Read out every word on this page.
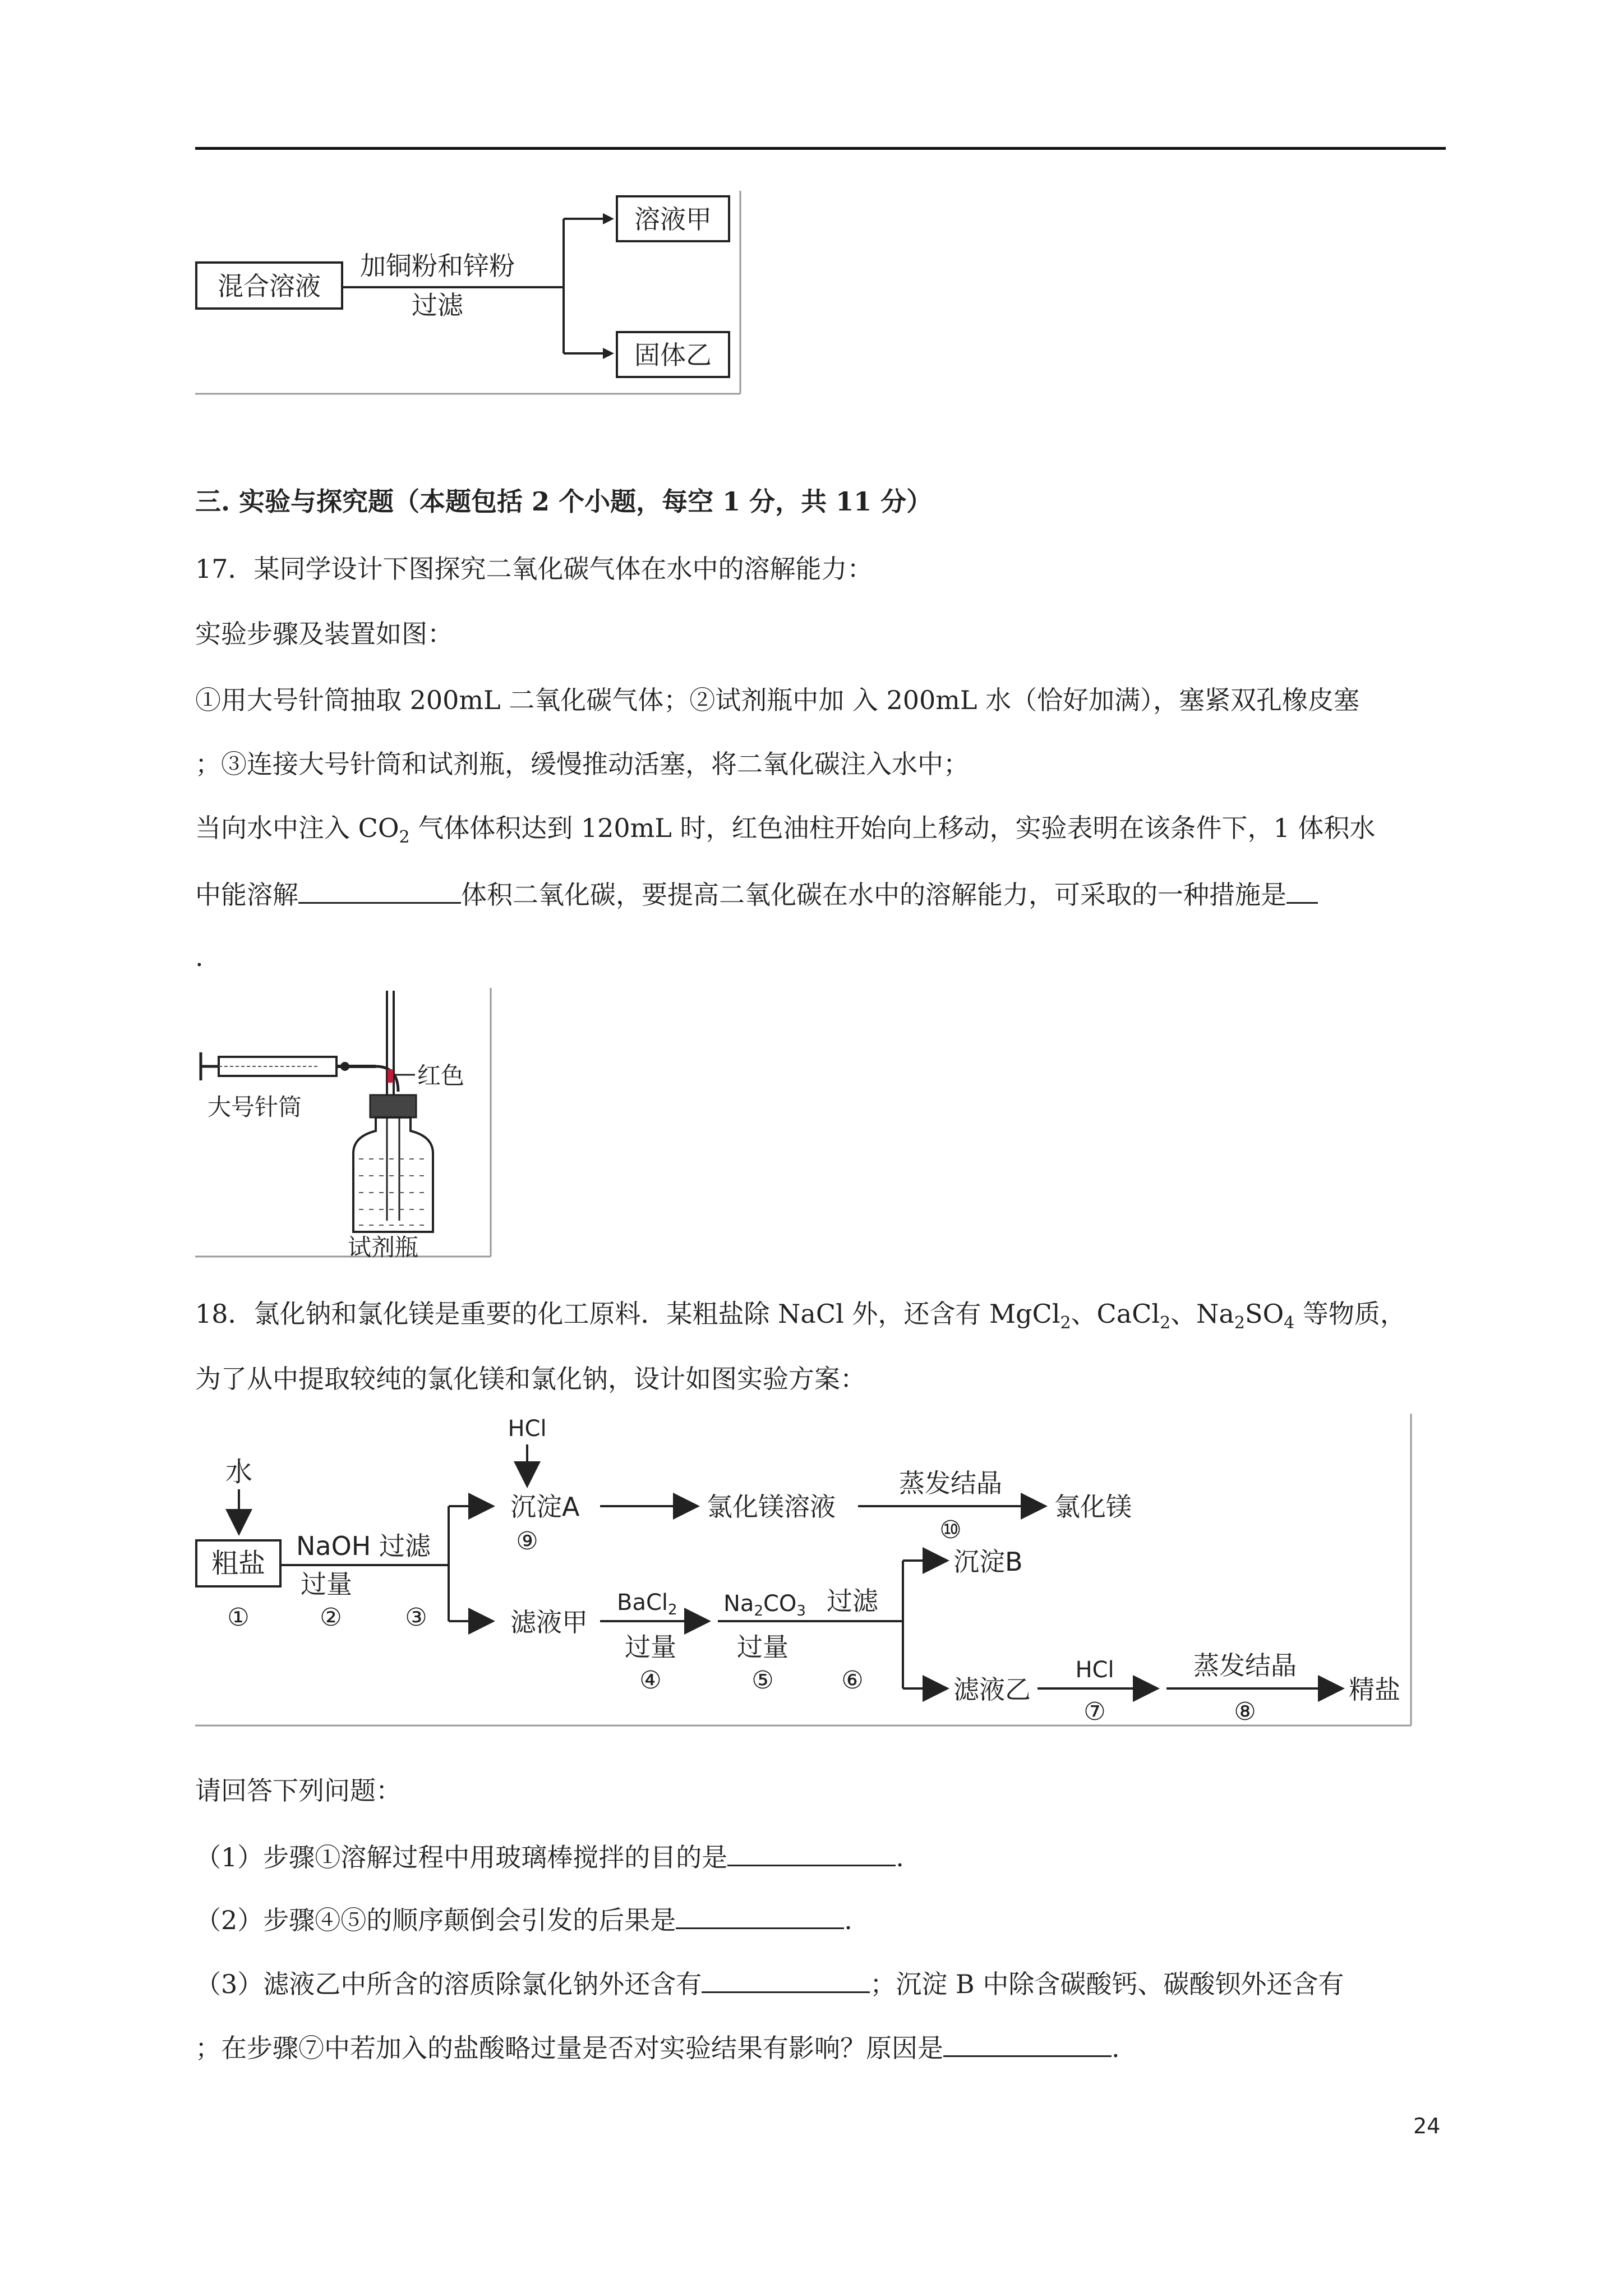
混合溶液
加铜粉和锌粉
过滤
溶液甲
固体乙
三. 实验与探究题（本题包括 2 个小题，每空 1 分，共 11 分）
17．某同学设计下图探究二氧化碳气体在水中的溶解能力：
实验步骤及装置如图：
①用大号针筒抽取 200mL 二氧化碳气体；②试剂瓶中加 入 200mL 水（恰好加满），塞紧双孔橡皮塞
；③连接大号针筒和试剂瓶，缓慢推动活塞，将二氧化碳注入水中；
当向水中注入 $CO_2$ 气体体积达到 120mL 时，红色油柱开始向上移动，实验表明在该条件下，1 体积水
中能溶解	体积二氧化碳，要提高二氧化碳在水中的溶解能力，可采取的一种措施是
.
红色
大号针筒
试剂瓶
18．氯化钠和氯化镁是重要的化工原料．某粗盐除 NaCl 外，还含有 MgCl$_2$、CaCl$_2$、$Na_2SO_4$ 等物质，
为了从中提取较纯的氯化镁和氯化钠，设计如图实验方案：
水
粗盐
①
NaOH 过滤
过量
②	③
HCl
沉淀A
⑨
氯化镁溶液
蒸发结晶
⑩
氯化镁
滤液甲
BaCl$_2$
过量
④
$Na_2CO_3$ 过滤
过量
⑤	⑥
沉淀B
滤液乙
HCl
⑦
蒸发结晶
⑧
精盐
请回答下列问题：
（1）步骤①溶解过程中用玻璃棒搅拌的目的是	.
（2）步骤④⑤的顺序颠倒会引发的后果是	.
（3）滤液乙中所含的溶质除氯化钠外还含有	；沉淀 B 中除含碳酸钙、碳酸钡外还含有
；在步骤⑦中若加入的盐酸略过量是否对实验结果有影响？原因是	.
24
